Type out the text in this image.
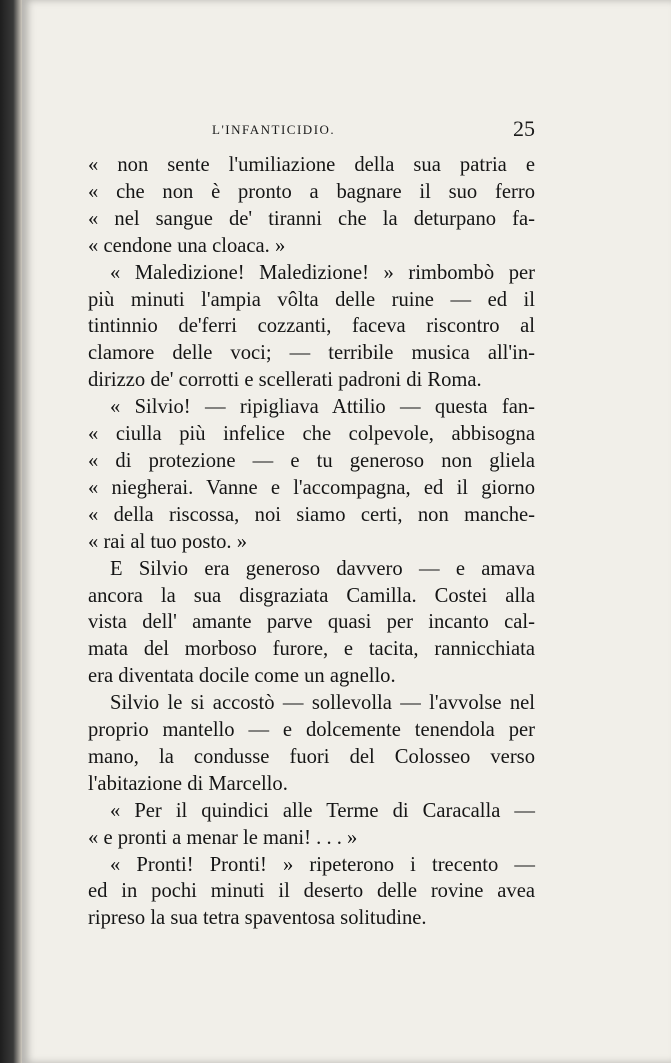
L'INFANTICIDIO.	25
« non sente l'umiliazione della sua patria e
« che non è pronto a bagnare il suo ferro
« nel sangue de' tiranni che la deturpano fa-
« cendone una cloaca. »
« Maledizione! Maledizione! » rimbombò per
più minuti l'ampia vôlta delle ruine — ed il
tintinnio de'ferri cozzanti, faceva riscontro al
clamore delle voci; — terribile musica all'in-
dirizzo de' corrotti e scellerati padroni di Roma.
« Silvio! — ripigliava Attilio — questa fan-
« ciulla più infelice che colpevole, abbisogna
« di protezione — e tu generoso non gliela
« niegherai. Vanne e l'accompagna, ed il giorno
« della riscossa, noi siamo certi, non manche-
« rai al tuo posto. »
E Silvio era generoso davvero — e amava
ancora la sua disgraziata Camilla. Costei alla
vista dell' amante parve quasi per incanto cal-
mata del morboso furore, e tacita, rannicchiata
era diventata docile come un agnello.
Silvio le si accostò — sollevolla — l'avvolse nel
proprio mantello — e dolcemente tenendola per
mano, la condusse fuori del Colosseo verso
l'abitazione di Marcello.
« Per il quindici alle Terme di Caracalla —
« e pronti a menar le mani! . . . »
« Pronti! Pronti! » ripeterono i trecento —
ed in pochi minuti il deserto delle rovine avea
ripreso la sua tetra spaventosa solitudine.
